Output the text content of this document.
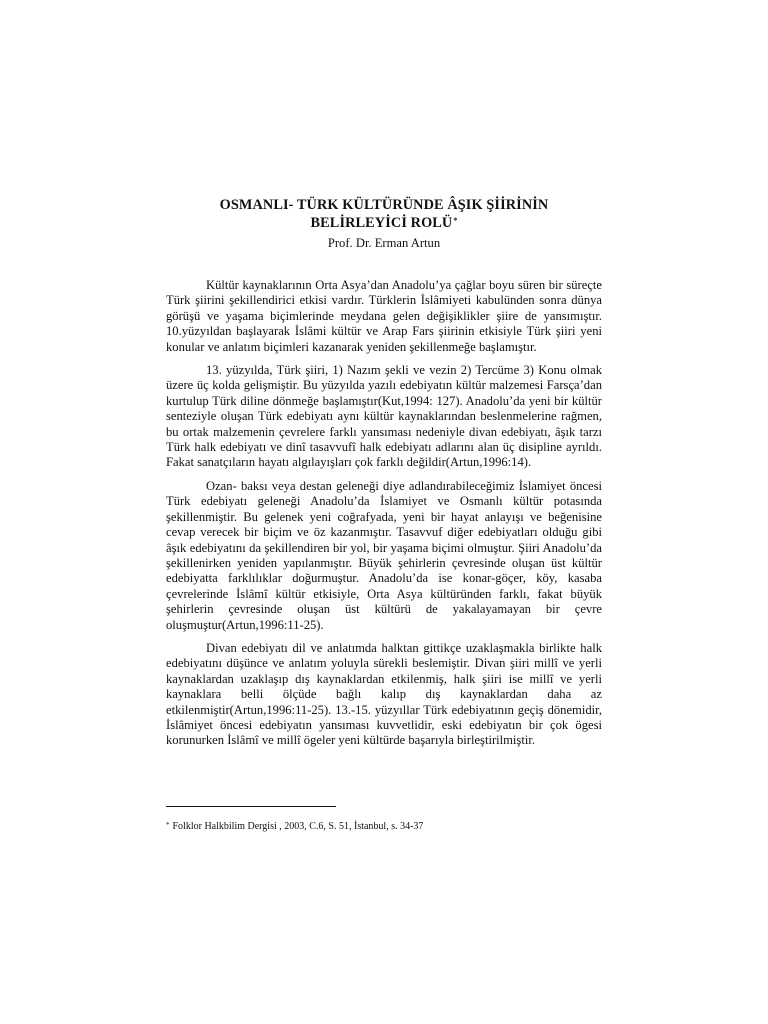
OSMANLI- TÜRK KÜLTÜRÜNDE ÂŞIK ŞİİRİNİN
BELİRLEYİCİ ROLÜ*
Prof. Dr. Erman Artun

Kültür kaynaklarının Orta Asya’dan Anadolu’ya çağlar boyu süren bir süreçte Türk şiirini şekillendirici etkisi vardır. Türklerin İslâmiyeti kabulünden sonra dünya görüşü ve yaşama biçimlerinde meydana gelen değişiklikler şiire de yansımıştır. 10.yüzyıldan başlayarak İslâmi kültür ve Arap Fars şiirinin etkisiyle Türk şiiri yeni konular ve anlatım biçimleri kazanarak yeniden şekillenmeğe başlamıştır.

13. yüzyılda, Türk şiiri, 1) Nazım şekli ve vezin 2) Tercüme 3) Konu olmak üzere üç kolda gelişmiştir. Bu yüzyılda yazılı edebiyatın kültür malzemesi Farsça’dan kurtulup Türk diline dönmeğe başlamıştır(Kut,1994: 127). Anadolu’da yeni bir kültür senteziyle oluşan Türk edebiyatı aynı kültür kaynaklarından beslenmelerine rağmen, bu ortak malzemenin çevrelere farklı yansıması nedeniyle divan edebiyatı, âşık tarzı Türk halk edebiyatı ve dinî tasavvufî halk edebiyatı adlarını alan üç disipline ayrıldı. Fakat sanatçıların hayatı algılayışları çok farklı değildir(Artun,1996:14).

Ozan- baksı veya destan geleneği diye adlandırabileceğimiz İslamiyet öncesi Türk edebiyatı geleneği Anadolu’da İslamiyet ve Osmanlı kültür potasında şekillenmiştir. Bu gelenek yeni coğrafyada, yeni bir hayat anlayışı ve beğenisine cevap verecek bir biçim ve öz kazanmıştır. Tasavvuf diğer edebiyatları olduğu gibi âşık edebiyatını da şekillendiren bir yol, bir yaşama biçimi olmuştur. Şiiri Anadolu’da şekillenirken yeniden yapılanmıştır. Büyük şehirlerin çevresinde oluşan üst kültür edebiyatta farklılıklar doğurmuştur. Anadolu’da ise konar-göçer, köy, kasaba çevrelerinde İslâmî kültür etkisiyle, Orta Asya kültüründen farklı, fakat büyük şehirlerin çevresinde oluşan üst kültürü de yakalayamayan bir çevre oluşmuştur(Artun,1996:11-25).

Divan edebiyatı dil ve anlatımda halktan gittikçe uzaklaşmakla birlikte halk edebiyatını düşünce ve anlatım yoluyla sürekli beslemiştir. Divan şiiri millî ve yerli kaynaklardan uzaklaşıp dış kaynaklardan etkilenmiş, halk şiiri ise millî ve yerli kaynaklara belli ölçüde bağlı kalıp dış kaynaklardan daha az etkilenmiştir(Artun,1996:11-25). 13.-15. yüzyıllar Türk edebiyatının geçiş dönemidir, İslâmiyet öncesi edebiyatın yansıması kuvvetlidir, eski edebiyatın bir çok ögesi korunurken İslâmî ve millî ögeler yeni kültürde başarıyla birleştirilmiştir.

* Folklor Halkbilim Dergisi , 2003, C.6, S. 51, İstanbul, s. 34-37
